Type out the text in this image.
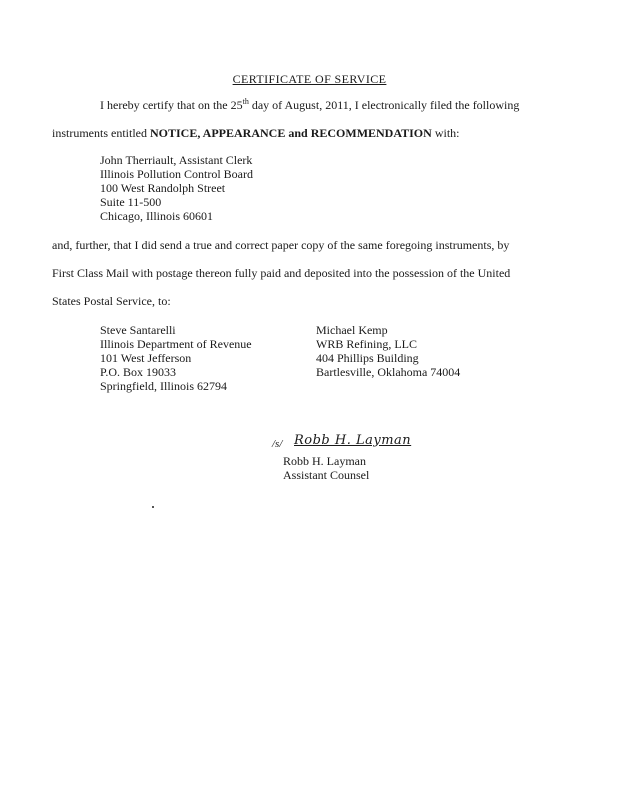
CERTIFICATE OF SERVICE
I hereby certify that on the 25th day of August, 2011, I electronically filed the following
instruments entitled NOTICE, APPEARANCE and RECOMMENDATION with:
John Therriault, Assistant Clerk
Illinois Pollution Control Board
100 West Randolph Street
Suite 11-500
Chicago, Illinois 60601
and, further, that I did send a true and correct paper copy of the same foregoing instruments, by
First Class Mail with postage thereon fully paid and deposited into the possession of the United
States Postal Service, to:
Steve Santarelli
Illinois Department of Revenue
101 West Jefferson
P.O. Box 19033
Springfield, Illinois 62794
Michael Kemp
WRB Refining, LLC
404 Phillips Building
Bartlesville, Oklahoma 74004
/s/ Robb H. Layman
Robb H. Layman
Assistant Counsel
